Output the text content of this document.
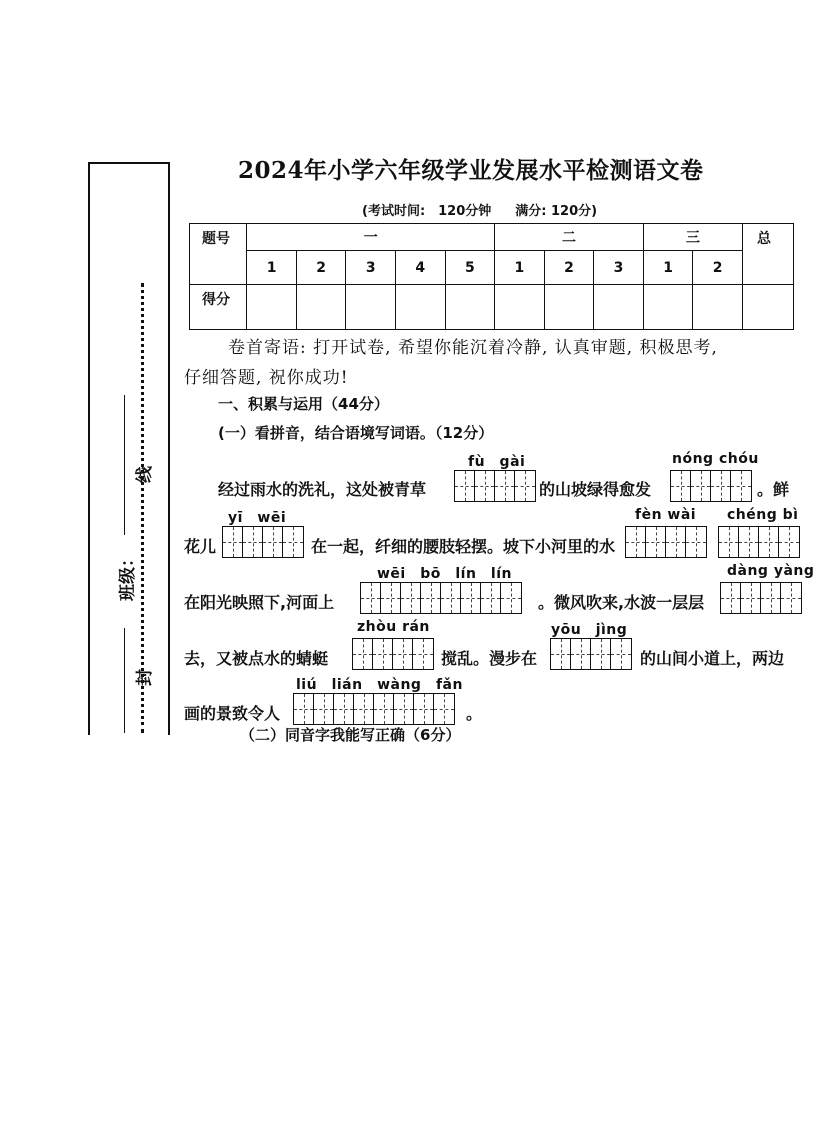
线
封
班级：
2024年小学六年级学业发展水平检测语文卷
(考试时间:　120分钟 满分: 120分)
题号	一					二			三		总
	1	2	3	4	5	1	2	3	1	2	
得分											
卷首寄语: 打开试卷, 希望你能沉着冷静, 认真审题, 积极思考,
仔细答题, 祝你成功!
一、积累与运用（44分）
(一）看拼音，结合语境写词语。（12分）
fù　gài	nóng chóu
经过雨水的洗礼，这处被青草	的山坡绿得愈发	。鲜
yī　wēi	fèn wài chéng bì
花儿	在一起，纤细的腰肢轻摆。坡下小河里的水
wēi　bō　lín　lín	dàng yàng
在阳光映照下,河面上	。微风吹来,水波一层层
zhòu rán	yōu　jìng
去，又被点水的蜻蜓	搅乱。漫步在	的山间小道上，两边
liú　lián　wàng　fǎn
画的景致令人	。
（二）同音字我能写正确（6分）
